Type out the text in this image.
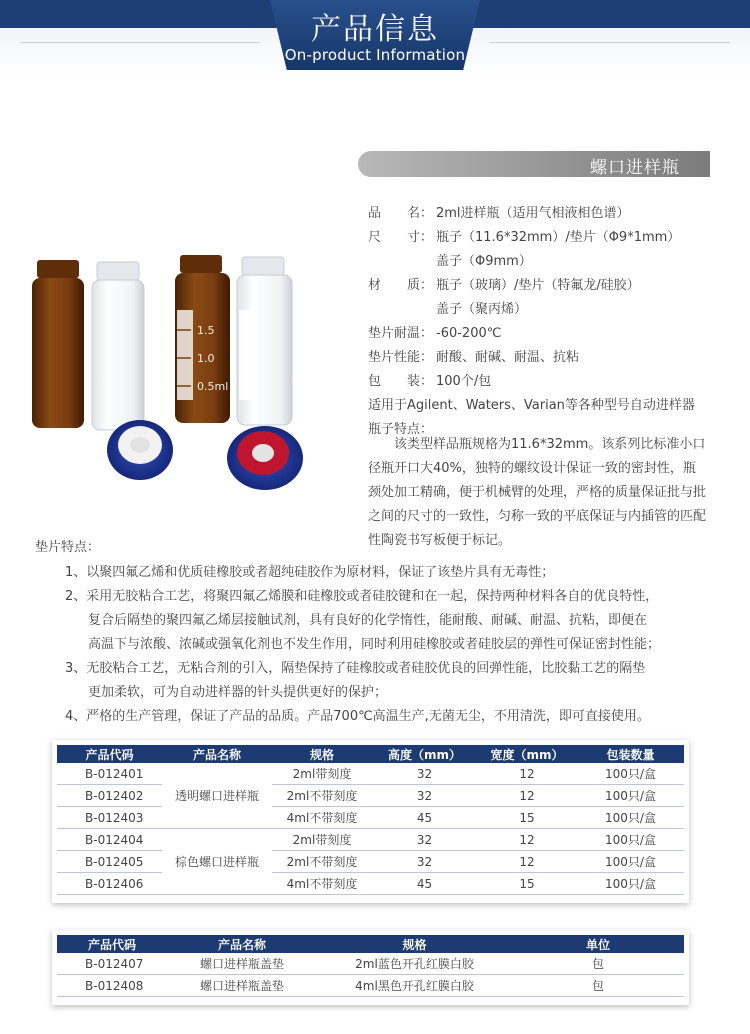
产品信息
On-product Information
螺口进样瓶
1.5
1.0
0.5ml
品　　名： 2ml进样瓶（适用气相液相色谱）
尺　　寸： 瓶子（11.6*32mm）/垫片（Φ9*1mm）
盖子（Φ9mm）
材　　质： 瓶子（玻璃）/垫片（特氟龙/硅胶）
盖子（聚丙烯）
垫片耐温： -60-200℃
垫片性能： 耐酸、耐碱、耐温、抗粘
包　　装： 100个/包
适用于Agilent、Waters、Varian等各种型号自动进样器
瓶子特点：

该类型样品瓶规格为11.6*32mm。该系列比标准小口径瓶开口大40%，独特的螺纹设计保证一致的密封性，瓶颈处加工精确，便于机械臂的处理，严格的质量保证批与批之间的尺寸的一致性，匀称一致的平底保证与内插管的匹配性陶瓷书写板便于标记。

垫片特点：
1、以聚四氟乙烯和优质硅橡胶或者超纯硅胶作为原材料，保证了该垫片具有无毒性；
2、采用无胶粘合工艺，将聚四氟乙烯膜和硅橡胶或者硅胶键和在一起，保持两种材料各自的优良特性，
复合后隔垫的聚四氟乙烯层接触试剂，具有良好的化学惰性，能耐酸、耐碱、耐温、抗粘，即便在
高温下与浓酸、浓碱或强氧化剂也不发生作用，同时利用硅橡胶或者硅胶层的弹性可保证密封性能；
3、无胶粘合工艺，无粘合剂的引入，隔垫保持了硅橡胶或者硅胶优良的回弹性能，比胶黏工艺的隔垫
更加柔软，可为自动进样器的针头提供更好的保护；
4、严格的生产管理，保证了产品的品质。产品700℃高温生产,无菌无尘，不用清洗，即可直接使用。
产品代码	产品名称	规格	高度（mm）	宽度（mm）	包装数量
B-012401	透明螺口进样瓶	2ml带刻度	32	12	100只/盒
B-012402		2ml不带刻度	32	12	100只/盒
B-012403		4ml不带刻度	45	15	100只/盒
B-012404	棕色螺口进样瓶	2ml带刻度	32	12	100只/盒
B-012405		2ml不带刻度	32	12	100只/盒
B-012406		4ml不带刻度	45	15	100只/盒
产品代码	产品名称	规格	单位
B-012407	螺口进样瓶盖垫	2ml蓝色开孔红膜白胶	包
B-012408	螺口进样瓶盖垫	4ml黑色开孔红膜白胶	包
